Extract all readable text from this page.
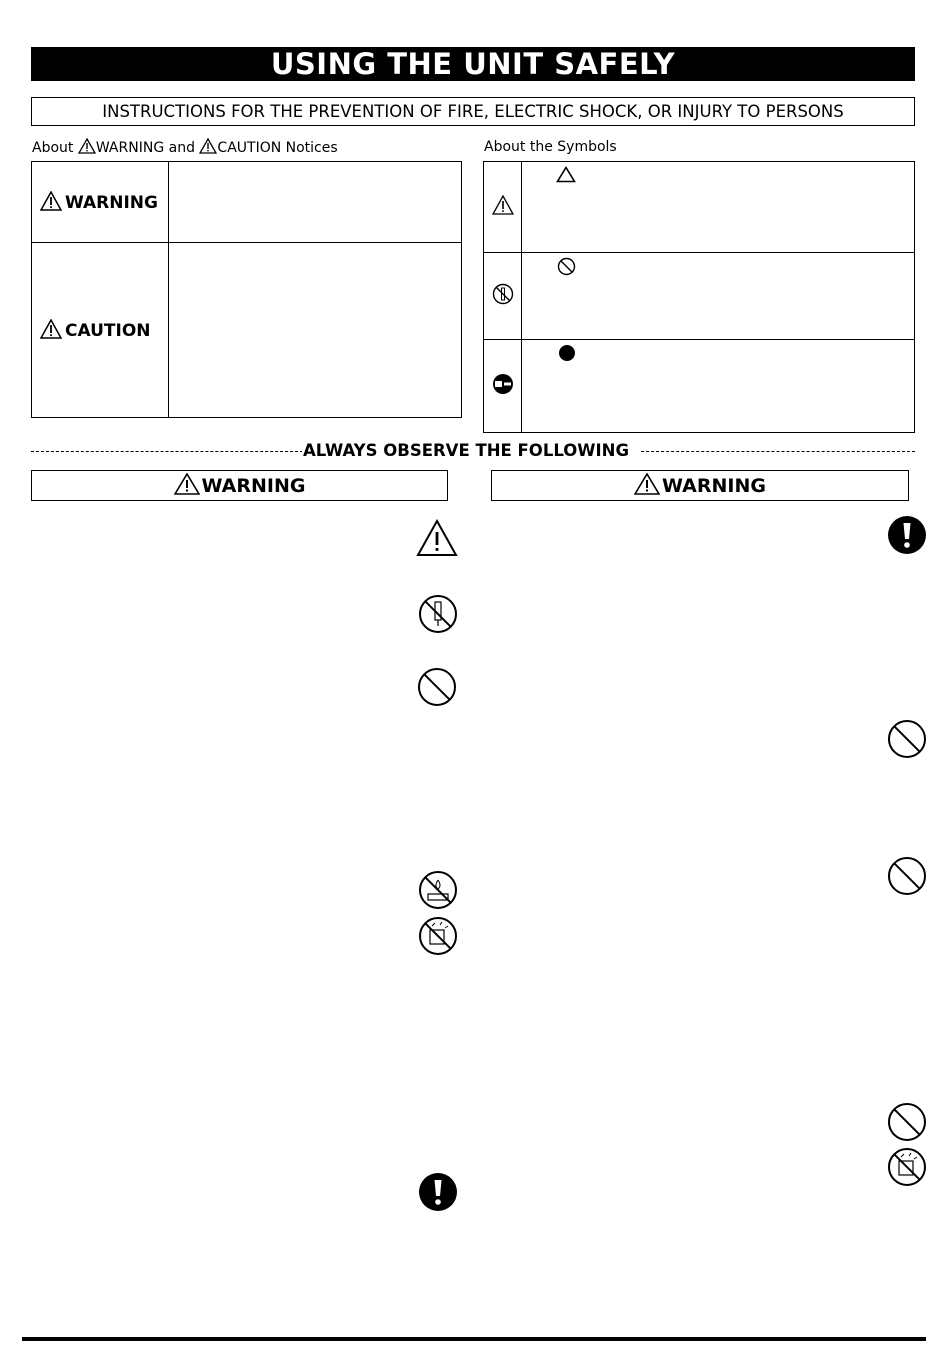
USING THE UNIT SAFELY
INSTRUCTIONS FOR THE PREVENTION OF FIRE, ELECTRIC SHOCK, OR INJURY TO PERSONS
About WARNING and CAUTION Notices	About the Symbols
WARNING	
CAUTION	

ALWAYS OBSERVE THE FOLLOWING
WARNING	WARNING
